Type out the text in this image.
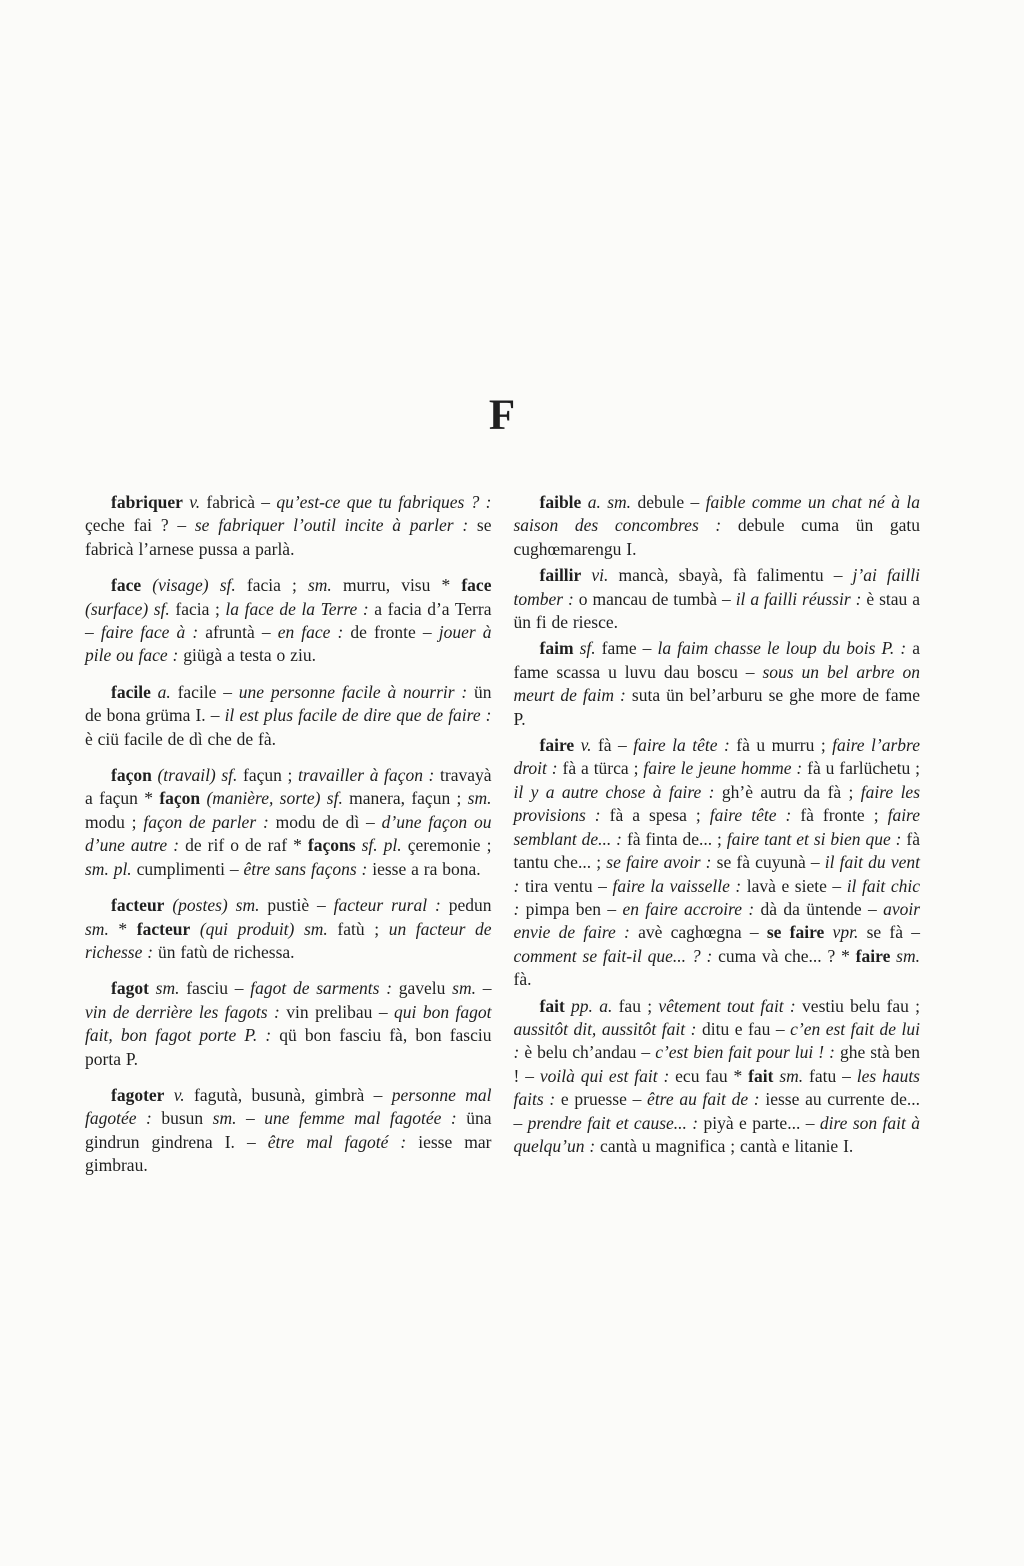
F

fabriquer v. fabricà – qu’est-ce que tu fabriques ? : çeche fai ? – se fabriquer l’outil incite à parler : se fabricà l’arnese pussa a parlà.

face (visage) sf. facia ; sm. murru, visu * face (surface) sf. facia ; la face de la Terre : a facia d’a Terra – faire face à : afruntà – en face : de fronte – jouer à pile ou face : giügà a testa o ziu.

facile a. facile – une personne facile à nourrir : ün de bona grüma I. – il est plus facile de dire que de faire : è ciü facile de dì che de fà.

façon (travail) sf. façun ; travailler à façon : travayà a façun * façon (manière, sorte) sf. manera, façun ; sm. modu ; façon de parler : modu de dì – d’une façon ou d’une autre : de rif o de raf * façons sf. pl. çeremonie ; sm. pl. cumplimenti – être sans façons : iesse a ra bona.

facteur (postes) sm. pustiè – facteur rural : pedun sm. * facteur (qui produit) sm. fatù ; un facteur de richesse : ün fatù de richessa.

fagot sm. fasciu – fagot de sarments : gavelu sm. – vin de derrière les fagots : vin prelibau – qui bon fagot fait, bon fagot porte P. : qü bon fasciu fà, bon fasciu porta P.

fagoter v. fagutà, busunà, gimbrà – personne mal fagotée : busun sm. – une femme mal fagotée : üna gindrun gindrena I. – être mal fagoté : iesse mar gimbrau.

faible a. sm. debule – faible comme un chat né à la saison des concombres : debule cuma ün gatu cughœmarengu I.

faillir vi. mancà, sbayà, fà falimentu – j’ai failli tomber : o mancau de tumbà – il a failli réussir : è stau a ün fi de riesce.

faim sf. fame – la faim chasse le loup du bois P. : a fame scassa u luvu dau boscu – sous un bel arbre on meurt de faim : suta ün bel’arburu se ghe more de fame P.

faire v. fà – faire la tête : fà u murru ; faire l’arbre droit : fà a türca ; faire le jeune homme : fà u farlüchetu ; il y a autre chose à faire : gh’è autru da fà ; faire les provisions : fà a spesa ; faire tête : fà fronte ; faire semblant de... : fà finta de... ; faire tant et si bien que : fà tantu che... ; se faire avoir : se fà cuyunà – il fait du vent : tira ventu – faire la vaisselle : lavà e siete – il fait chic : pimpa ben – en faire accroire : dà da üntende – avoir envie de faire : avè caghœgna – se faire vpr. se fà – comment se fait-il que... ? : cuma và che... ? * faire sm. fà.

fait pp. a. fau ; vêtement tout fait : vestiu belu fau ; aussitôt dit, aussitôt fait : ditu e fau – c’en est fait de lui : è belu ch’andau – c’est bien fait pour lui ! : ghe stà ben ! – voilà qui est fait : ecu fau * fait sm. fatu – les hauts faits : e pruesse – être au fait de : iesse au currente de... – prendre fait et cause... : piyà e parte... – dire son fait à quelqu’un : cantà u magnifica ; cantà e litanie I.
